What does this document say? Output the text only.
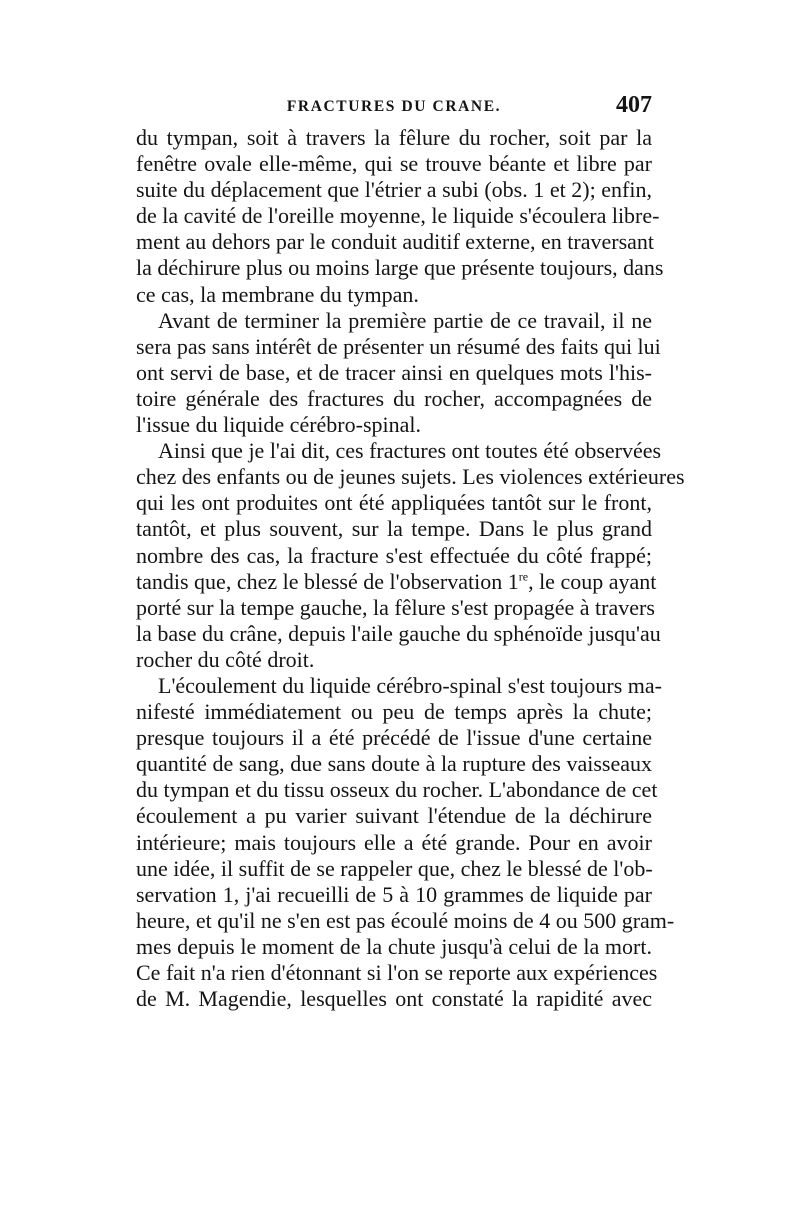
FRACTURES DU CRANE.	407
du tympan, soit à travers la fêlure du rocher, soit par la
fenêtre ovale elle-même, qui se trouve béante et libre par
suite du déplacement que l'étrier a subi (obs. 1 et 2); enfin,
de la cavité de l'oreille moyenne, le liquide s'écoulera libre-
ment au dehors par le conduit auditif externe, en traversant
la déchirure plus ou moins large que présente toujours, dans
ce cas, la membrane du tympan.
Avant de terminer la première partie de ce travail, il ne
sera pas sans intérêt de présenter un résumé des faits qui lui
ont servi de base, et de tracer ainsi en quelques mots l'his-
toire générale des fractures du rocher, accompagnées de
l'issue du liquide cérébro-spinal.
Ainsi que je l'ai dit, ces fractures ont toutes été observées
chez des enfants ou de jeunes sujets. Les violences extérieures
qui les ont produites ont été appliquées tantôt sur le front,
tantôt, et plus souvent, sur la tempe. Dans le plus grand
nombre des cas, la fracture s'est effectuée du côté frappé;
tandis que, chez le blessé de l'observation 1re, le coup ayant
porté sur la tempe gauche, la fêlure s'est propagée à travers
la base du crâne, depuis l'aile gauche du sphénoïde jusqu'au
rocher du côté droit.
L'écoulement du liquide cérébro-spinal s'est toujours ma-
nifesté immédiatement ou peu de temps après la chute;
presque toujours il a été précédé de l'issue d'une certaine
quantité de sang, due sans doute à la rupture des vaisseaux
du tympan et du tissu osseux du rocher. L'abondance de cet
écoulement a pu varier suivant l'étendue de la déchirure
intérieure; mais toujours elle a été grande. Pour en avoir
une idée, il suffit de se rappeler que, chez le blessé de l'ob-
servation 1, j'ai recueilli de 5 à 10 grammes de liquide par
heure, et qu'il ne s'en est pas écoulé moins de 4 ou 500 gram-
mes depuis le moment de la chute jusqu'à celui de la mort.
Ce fait n'a rien d'étonnant si l'on se reporte aux expériences
de M. Magendie, lesquelles ont constaté la rapidité avec
